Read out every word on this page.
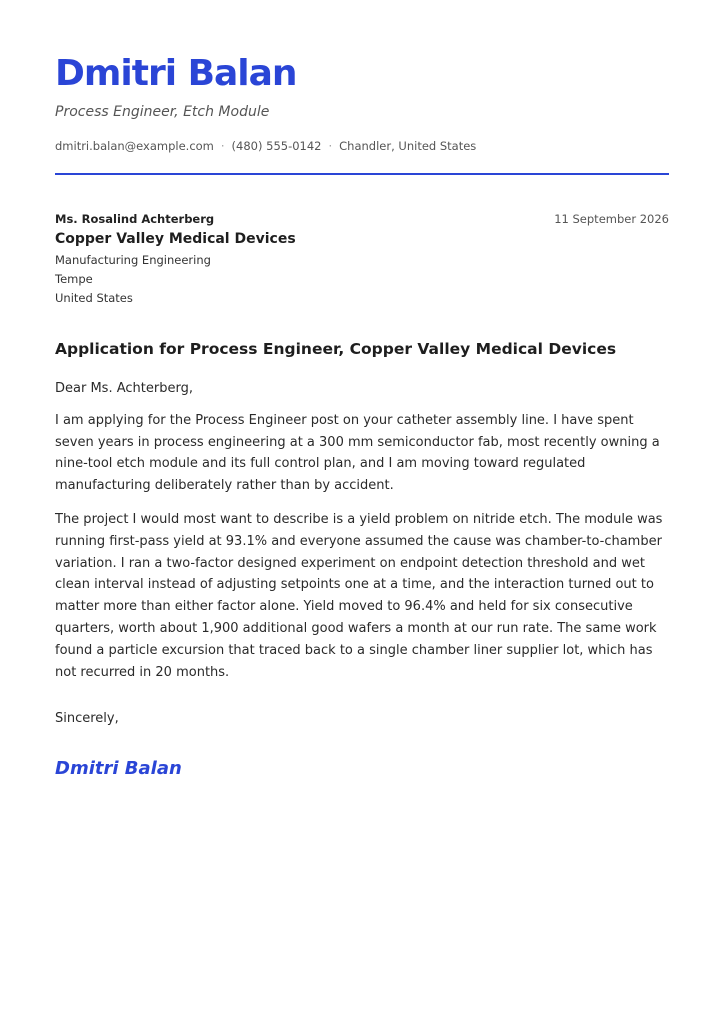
Dmitri Balan
Process Engineer, Etch Module
dmitri.balan@example.com · (480) 555-0142 · Chandler, United States
Ms. Rosalind Achterberg	11 September 2026
Copper Valley Medical Devices
Manufacturing Engineering
Tempe
United States
Application for Process Engineer, Copper Valley Medical Devices

Dear Ms. Achterberg,

I am applying for the Process Engineer post on your catheter assembly line. I have spent seven years in process engineering at a 300 mm semiconductor fab, most recently owning a nine-tool etch module and its full control plan, and I am moving toward regulated manufacturing deliberately rather than by accident.

The project I would most want to describe is a yield problem on nitride etch. The module was running first-pass yield at 93.1% and everyone assumed the cause was chamber-to-chamber variation. I ran a two-factor designed experiment on endpoint detection threshold and wet clean interval instead of adjusting setpoints one at a time, and the interaction turned out to matter more than either factor alone. Yield moved to 96.4% and held for six consecutive quarters, worth about 1,900 additional good wafers a month at our run rate. The same work found a particle excursion that traced back to a single chamber liner supplier lot, which has not recurred in 20 months.

Sincerely,
Dmitri Balan
